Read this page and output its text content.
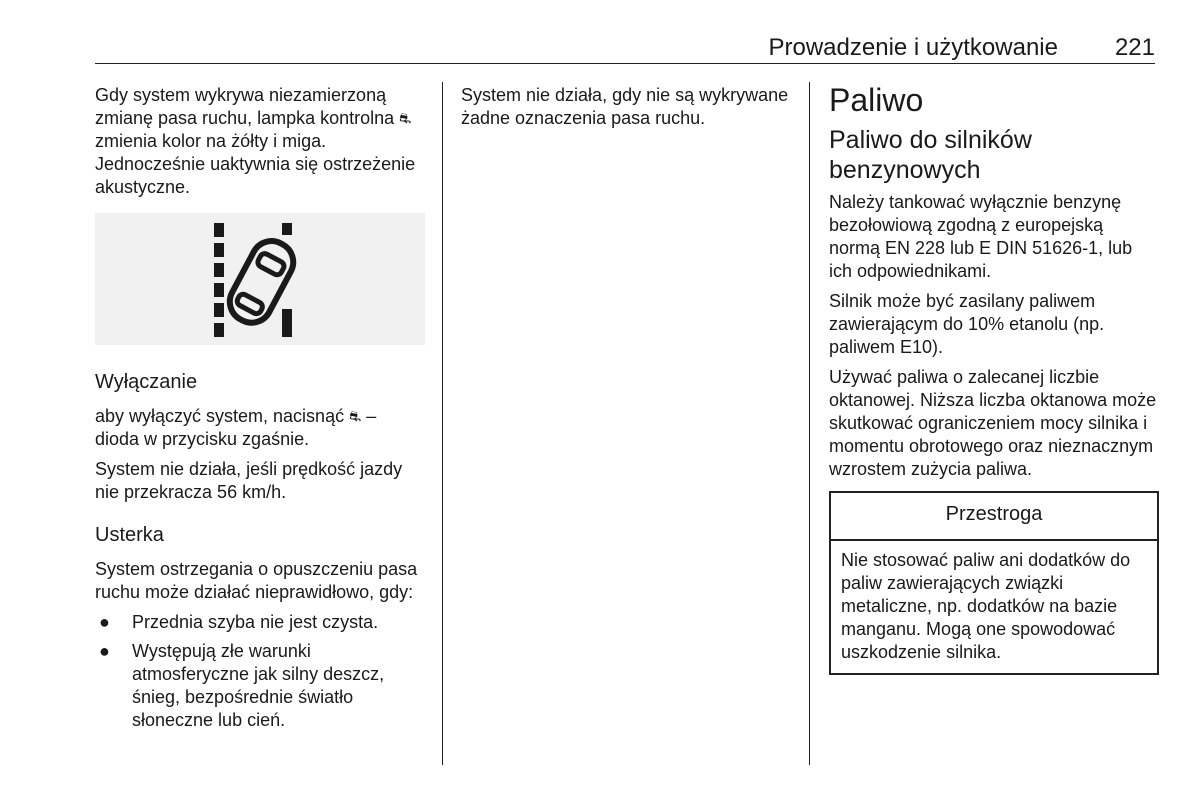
Prowadzenie i użytkowanie 221

Gdy system wykrywa niezamierzoną zmianę pasa ruchu, lampka kontrolna ⛐ zmienia kolor na żółty i miga. Jednocześnie uaktywnia się ostrzeżenie akustyczne.

Wyłączanie

aby wyłączyć system, nacisnąć ⛐ – dioda w przycisku zgaśnie.

System nie działa, jeśli prędkość jazdy nie przekracza 56 km/h.

Usterka

System ostrzegania o opuszczeniu pasa ruchu może działać nieprawidłowo, gdy:

● Przednia szyba nie jest czysta.
● Występują złe warunki atmosferyczne jak silny deszcz, śnieg, bezpośrednie światło słoneczne lub cień.

System nie działa, gdy nie są wykrywane żadne oznaczenia pasa ruchu.	Paliwo
Paliwo do silników benzynowych

Należy tankować wyłącznie benzynę bezołowiową zgodną z europejską normą EN 228 lub E DIN 51626-1, lub ich odpowiednikami.

Silnik może być zasilany paliwem zawierającym do 10% etanolu (np. paliwem E10).

Używać paliwa o zalecanej liczbie oktanowej. Niższa liczba oktanowa może skutkować ograniczeniem mocy silnika i momentu obrotowego oraz nieznacznym wzrostem zużycia paliwa.

Przestroga
Nie stosować paliw ani dodatków do paliw zawierających związki metaliczne, np. dodatków na bazie manganu. Mogą one spowodować uszkodzenie silnika.
